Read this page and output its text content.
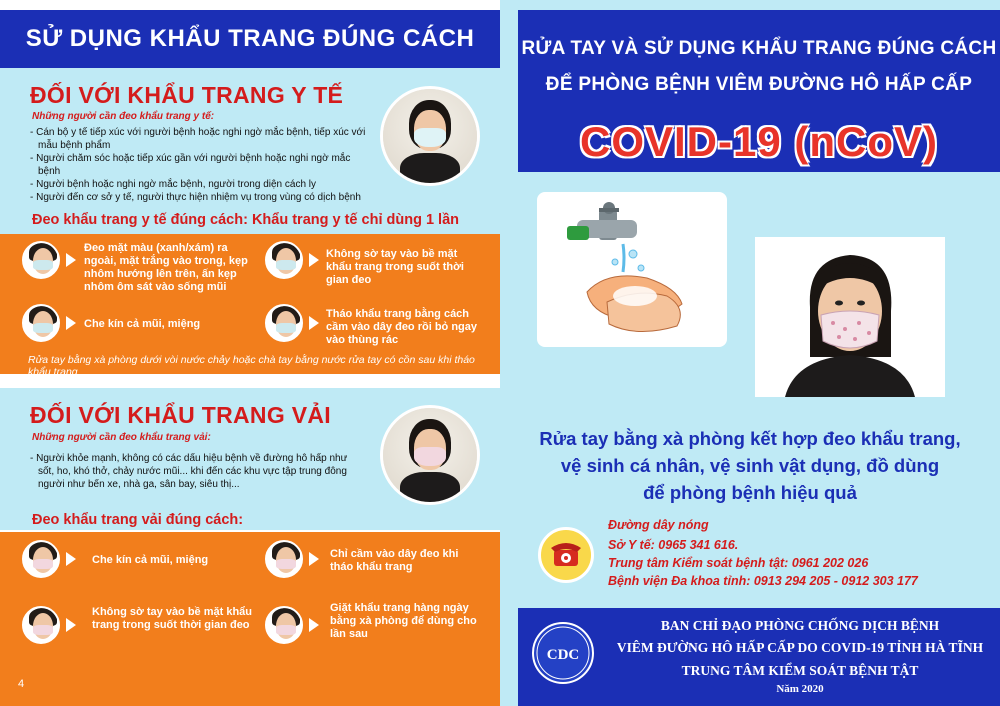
SỬ DỤNG KHẨU TRANG ĐÚNG CÁCH
ĐỐI VỚI KHẨU TRANG Y TẾ
Những người cần đeo khẩu trang y tế:
- Cán bộ y tế tiếp xúc với người bệnh hoặc nghi ngờ mắc bệnh, tiếp xúc với mẫu bệnh phẩm
- Người chăm sóc hoặc tiếp xúc gần với người bệnh hoặc nghi ngờ mắc bệnh
- Người bệnh hoặc nghi ngờ mắc bệnh, người trong diện cách ly
- Người đến cơ sở y tế, người thực hiện nhiệm vụ trong vùng có dịch bệnh
Đeo khẩu trang y tế đúng cách: Khẩu trang y tế chỉ dùng 1 lần
Đeo mặt màu (xanh/xám) ra ngoài, mặt trắng vào trong, kẹp nhôm hướng lên trên, ấn kẹp nhôm ôm sát vào sống mũi
Không sờ tay vào bề mặt khẩu trang trong suốt thời gian đeo
Che kín cả mũi, miệng
Tháo khẩu trang bằng cách cầm vào dây đeo rồi bỏ ngay vào thùng rác
Rửa tay bằng xà phòng dưới vòi nước chảy hoặc chà tay bằng nước rửa tay có cồn sau khi tháo khẩu trang
ĐỐI VỚI KHẨU TRANG VẢI
Những người cần đeo khẩu trang vải:
- Người khỏe mạnh, không có các dấu hiệu bệnh về đường hô hấp như sốt, ho, khó thở, chảy nước mũi... khi đến các khu vực tập trung đông người như bến xe, nhà ga, sân bay, siêu thị...
Đeo khẩu trang vải đúng cách:
Che kín cả mũi, miệng	Chỉ cầm vào dây đeo khi tháo khẩu trang
Không sờ tay vào bề mặt khẩu trang trong suốt thời gian đeo
Giặt khẩu trang hàng ngày bằng xà phòng để dùng cho lần sau
4
RỬA TAY VÀ SỬ DỤNG KHẨU TRANG ĐÚNG CÁCH
ĐỂ PHÒNG BỆNH VIÊM ĐƯỜNG HÔ HẤP CẤP
COVID-19 (nCoV)
Rửa tay bằng xà phòng kết hợp đeo khẩu trang,
vệ sinh cá nhân, vệ sinh vật dụng, đồ dùng
để phòng bệnh hiệu quả
Đường dây nóng
Sở Y tế: 0965 341 616.
Trung tâm Kiểm soát bệnh tật: 0961 202 026
Bệnh viện Đa khoa tỉnh: 0913 294 205 - 0912 303 177
CDC
BAN CHỈ ĐẠO PHÒNG CHỐNG DỊCH BỆNH
VIÊM ĐƯỜNG HÔ HẤP CẤP DO COVID-19 TỈNH HÀ TĨNH
TRUNG TÂM KIỂM SOÁT BỆNH TẬT
Năm 2020
